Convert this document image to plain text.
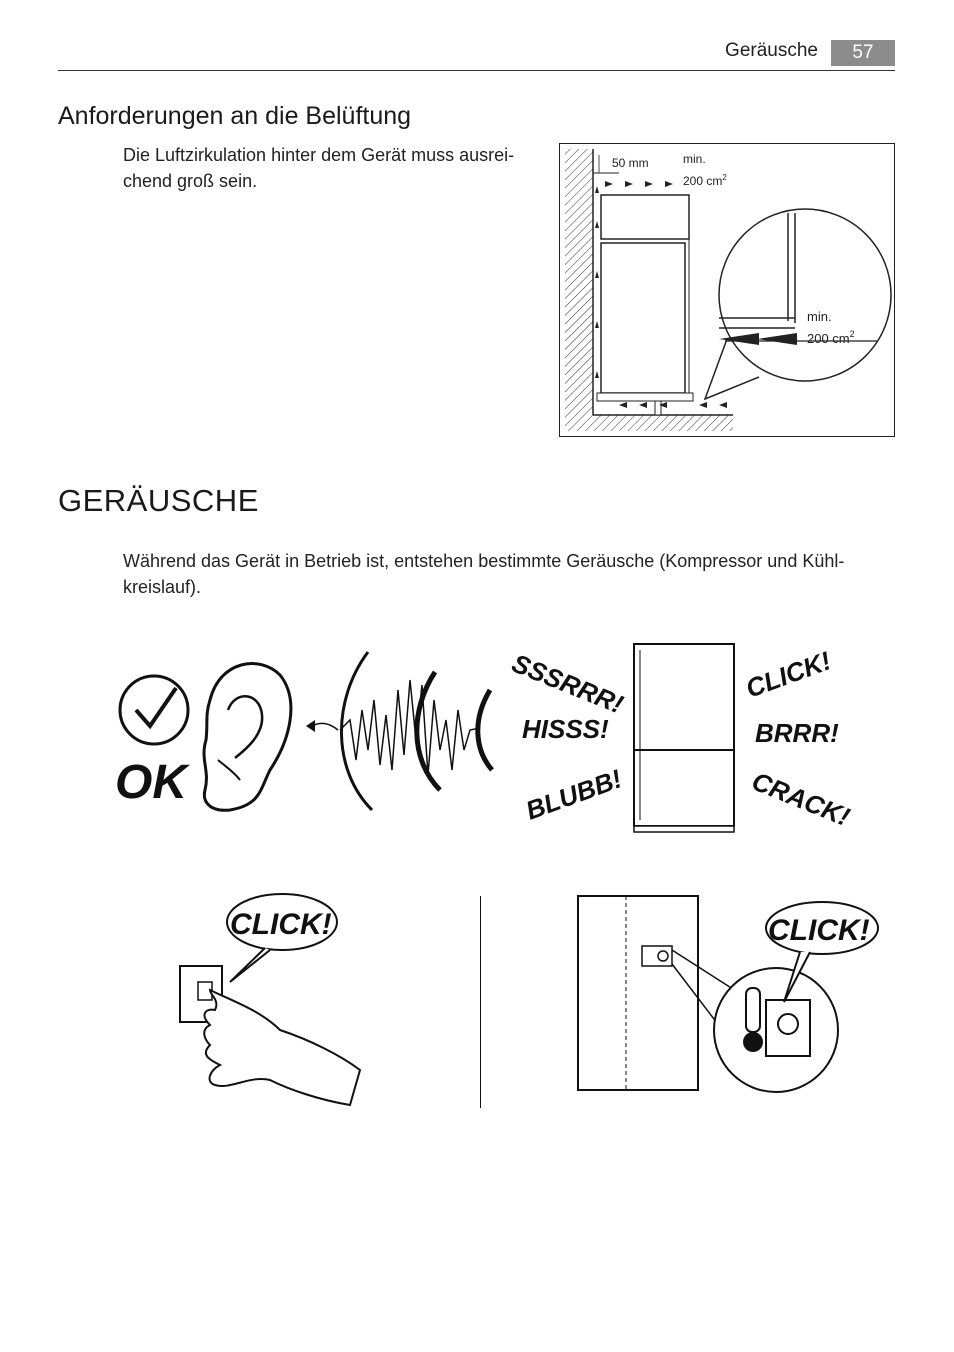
Geräusche	57
Anforderungen an die Belüftung
Die Luftzirkulation hinter dem Gerät muss ausrei-chend groß sein.
50 mm	min.
200 $cm^2$
min.
200 $cm^2$
GERÄUSCHE
Während das Gerät in Betrieb ist, entstehen bestimmte Geräusche (Kompressor und Kühl-kreislauf).
OK
SSSRRR!
HISSS!
BLUBB!
CLICK!
BRRR!
CRACK!
CLICK!	CLICK!
